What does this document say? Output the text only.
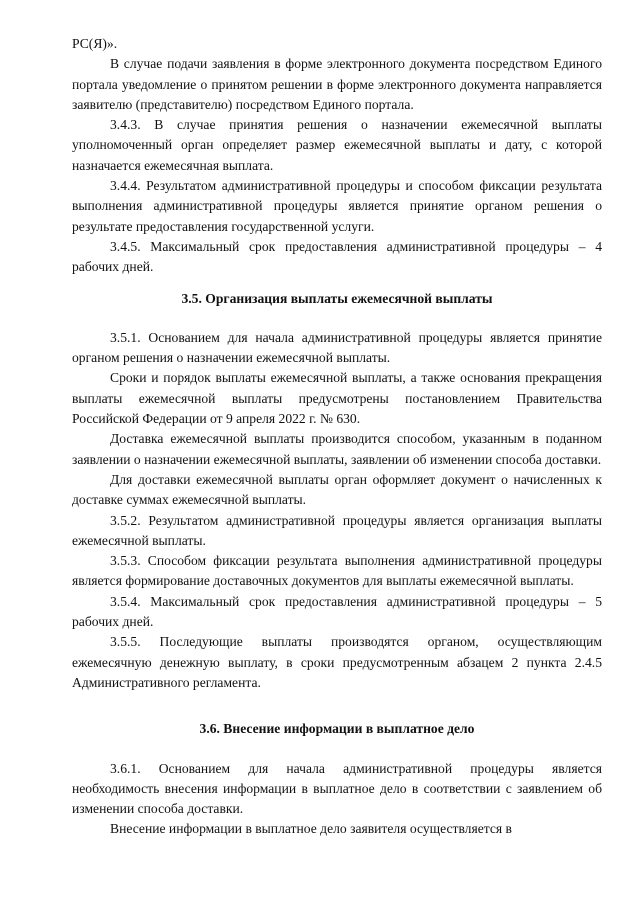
РС(Я)».

В случае подачи заявления в форме электронного документа посредством Единого портала уведомление о принятом решении в форме электронного документа направляется заявителю (представителю) посредством Единого портала.

3.4.3. В случае принятия решения о назначении ежемесячной выплаты уполномоченный орган определяет размер ежемесячной выплаты и дату, с которой назначается ежемесячная выплата.

3.4.4. Результатом административной процедуры и способом фиксации результата выполнения административной процедуры является принятие органом решения о результате предоставления государственной услуги.

3.4.5. Максимальный срок предоставления административной процедуры – 4 рабочих дней.

3.5. Организация выплаты ежемесячной выплаты

3.5.1. Основанием для начала административной процедуры является принятие органом решения о назначении ежемесячной выплаты.

Сроки и порядок выплаты ежемесячной выплаты, а также основания прекращения выплаты ежемесячной выплаты предусмотрены постановлением Правительства Российской Федерации от 9 апреля 2022 г. № 630.

Доставка ежемесячной выплаты производится способом, указанным в поданном заявлении о назначении ежемесячной выплаты, заявлении об изменении способа доставки.

Для доставки ежемесячной выплаты орган оформляет документ о начисленных к доставке суммах ежемесячной выплаты.

3.5.2. Результатом административной процедуры является организация выплаты ежемесячной выплаты.

3.5.3. Способом фиксации результата выполнения административной процедуры является формирование доставочных документов для выплаты ежемесячной выплаты.

3.5.4. Максимальный срок предоставления административной процедуры – 5 рабочих дней.

3.5.5. Последующие выплаты производятся органом, осуществляющим ежемесячную денежную выплату, в сроки предусмотренным абзацем 2 пункта 2.4.5 Административного регламента.

3.6. Внесение информации в выплатное дело

3.6.1. Основанием для начала административной процедуры является необходимость внесения информации в выплатное дело в соответствии с заявлением об изменении способа доставки.

Внесение информации в выплатное дело заявителя осуществляется в
